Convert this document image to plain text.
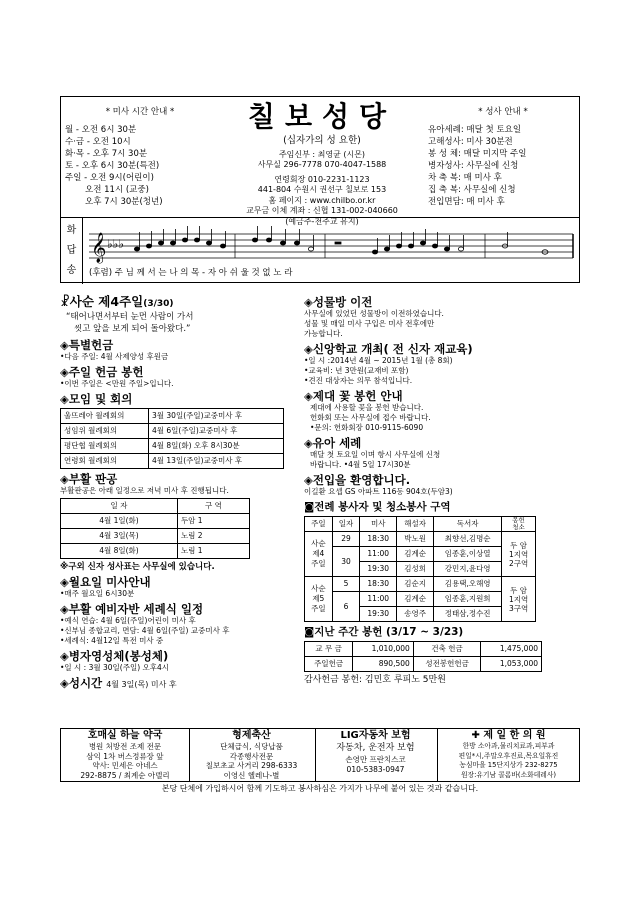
* 미사 시간 안내 *
월 - 오전 6시 30분
수·금 - 오전 10시
화·목 - 오후 7시 30분
토 - 오후 6시 30분(특전)
주일 - 오전 9시(어린이)
오전 11시 (교중)
오후 7시 30분(청년)
칠보성당
(십자가의 성 요한)
주임신부 : 최영균 (시몬)
사무실 296-7778 070-4047-1588
연령회장 010-2231-1123
441-804 수원시 권선구 칠보로 153
홈 페이지 : www.chilbo.or.kr
교무금 이체 계좌 : 신협 131-002-040660
(예금주-천주교 유지)
* 성사 안내 *
유아세례: 매달 첫 토요일
고해성사: 미사 30분전
봉 성 체: 매달 미지막 주일
병자성사: 사무실에 신청
차 축 복: 매 미사 후
집 축 복: 사무실에 신청
전입면담: 매 미사 후
화
답
송
𝄞 ♭♭♭
(후렴) 주 님 께 서 는 나 의 목 - 자 아 쉬 울 것 없 노 라
☧사순 제4주일(3/30)
“태어나면서부터 눈먼 사람이 가서
씻고 앞을 보게 되어 돌아왔다.”
◈특별헌금
•다음 주일: 4월 사제양성 후원금
◈주일 헌금 봉헌
•이번 주일은 <만원 주일>입니다.
◈모임 및 회의
울뜨레아 월례회의	3월 30일(주일)교중미사 후
성임위 월례회의	4월 6일(주일)교중미사 후
평단협 월례회의	4월 8일(화) 오후 8시30분
연령회 월례회의	4월 13일(주일)교중미사 후
◈부활 판공
부활판공은 아래 일정으로 저녁 미사 후 진행됩니다.
일 자	구 역
4월 1일(화)	두암 1
4월 3일(목)	노림 2
4월 8일(화)	노림 1
※구외 신자 성사표는 사무실에 있습니다.
◈월요일 미사안내
•매주 월요일 6시30분
◈부활 예비자반 세례식 일정
•예식 연습: 4월 6일(주일)어린이 미사 후
•신부님 종합교리, 면담: 4월 6일(주일) 교중미사 후
•세례식: 4월12일 특전 미사 중
◈병자영성체(봉성체)
•일 시 : 3월 30일(주일) 오후4시
◈성시간 4월 3일(목) 미사 후
◈성물방 이전
사무실에 있었던 성물방이 이전하였습니다.
성물 및 매일 미사 구입은 미사 전후에만
가능합니다.
◈신앙학교 개최( 전 신자 재교육)
•일 시 :2014년 4월 ~ 2015년 1월 (총 8회)
•교육비: 년 3만원(교재비 포함)
•견진 대상자는 의무 참석입니다.
◈제대 꽃 봉헌 안내
제대에 사용할 꽃을 봉헌 받습니다.
헌화회 또는 사무실에 접수 바랍니다.
•문의: 헌화회장 010-9115-6090
◈유아 세례
매달 첫 토요일 이며 항시 사무실에 신청
바랍니다. •4월 5일 17시30분
◈전입을 환영합니다.
이길환 요셉 GS 아파트 116동 904호(두암3)
◙전례 봉사자 및 청소봉사 구역
주일	일자	미사	해설자	독서자	봉헌
청소
사순
제4
주일	29	18:30	박노원	최향선,김명순	두 암
1지역
2구역
	30	11:00	김계순	임종훈,이상열	
		19:30	김성희	강민지,윤다영	
사순
제5
주일	5	18:30	김순지	김용택,오해영	두 암
1지역
3구역
	6	11:00	김계순	임종훈,지원희	
		19:30	송영주	정태삼,정수진	
◙지난 주간 봉헌 (3/17 ~ 3/23)
교 무 금	1,010,000	건축 헌금	1,475,000
주일헌금	890,500	성전봉헌헌금	1,053,000
감사헌금 봉헌: 김민호 루피노 5만원
호매실 하늘 약국
병원 처방전 조제 전문
삼익 1차 버스정류장 앞
약사: 민세은 아네스
292-8875 / 최계순 아델리
형제축산
단체급식, 식당납품
각종행사전문
칠보초교 사거리 298-6333
이영신 헬레나-별
LIG자동차 보험
자동차, 운전자 보험
손영만 프란치스코
010-5383-0947
✚ 제 일 한 의 원
한방 소아과,물리치료과,피부과
편일*시,주말오후진료,목요일휴진
농심마을 15단지상가 232-8275
원장:유기남 콜롬바(소화데레사)
본당 단체에 가입하시어 함께 기도하고 봉사하심은 가지가 나무에 붙어 있는 것과 같습니다.
